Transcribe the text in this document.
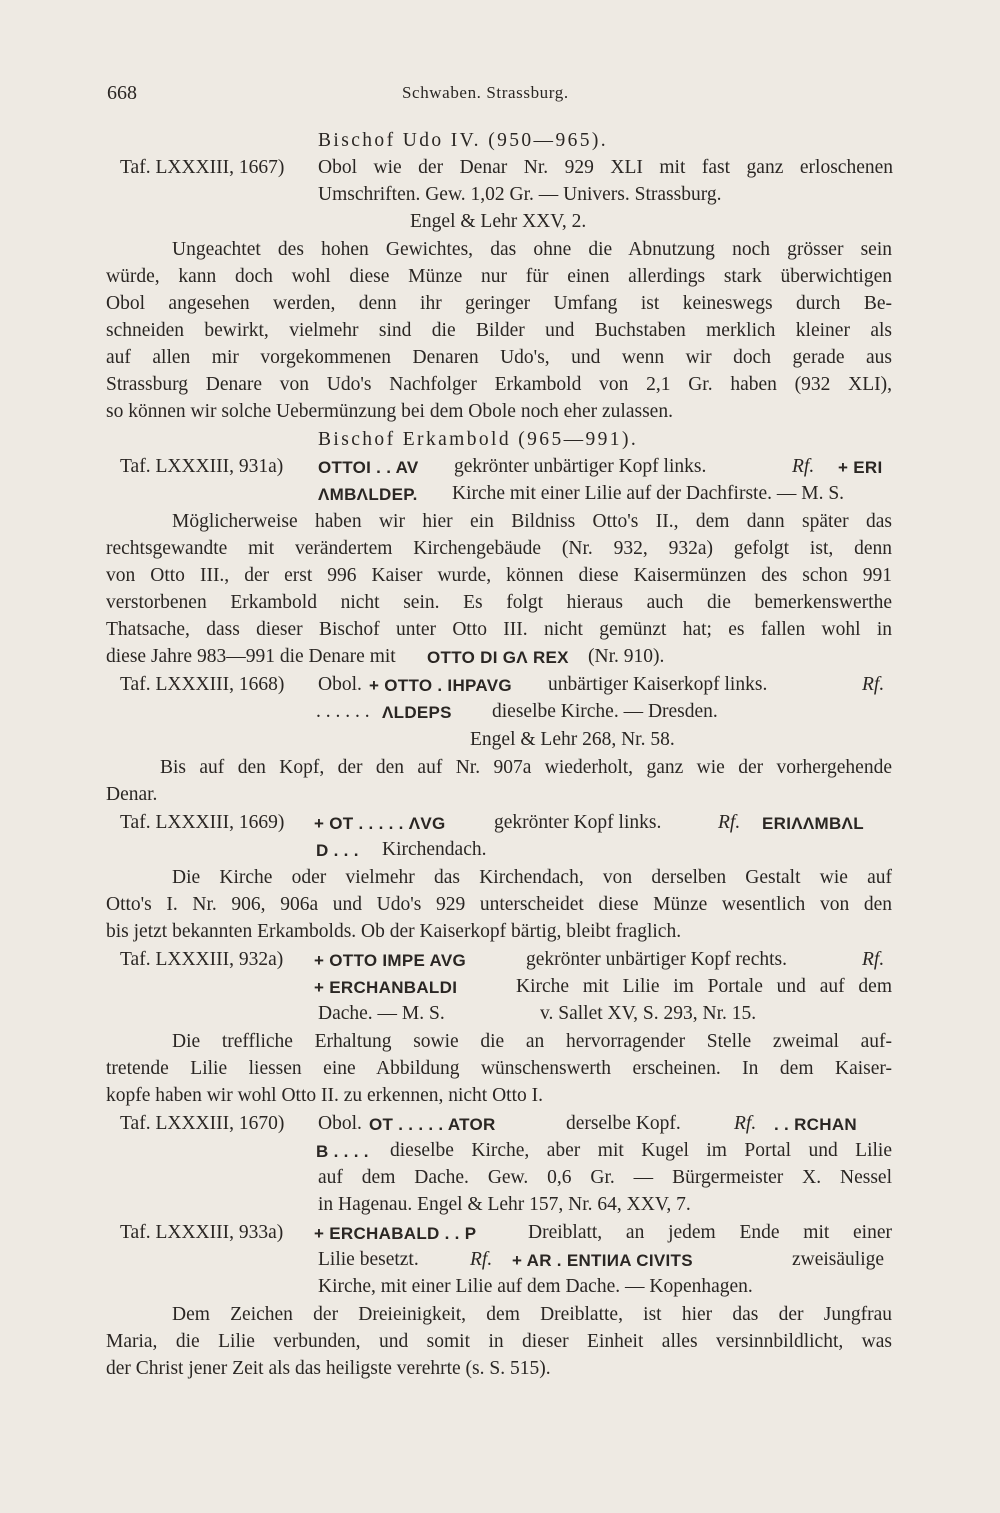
668	Schwaben. Strassburg.
Bischof Udo IV. (950—965).
Taf. LXXXIII, 1667) Obol wie der Denar Nr. 929 XLI mit fast ganz erloschenen
Umschriften. Gew. 1,02 Gr. — Univers. Strassburg.
Engel & Lehr XXV, 2.
Ungeachtet des hohen Gewichtes, das ohne die Abnutzung noch grösser sein
würde, kann doch wohl diese Münze nur für einen allerdings stark überwichtigen
Obol angesehen werden, denn ihr geringer Umfang ist keineswegs durch Be-
schneiden bewirkt, vielmehr sind die Bilder und Buchstaben merklich kleiner als
auf allen mir vorgekommenen Denaren Udo's, und wenn wir doch gerade aus
Strassburg Denare von Udo's Nachfolger Erkambold von 2,1 Gr. haben (932 XLI),
so können wir solche Uebermünzung bei dem Obole noch eher zulassen.
Bischof Erkambold (965—991).
Taf. LXXXIII, 931a) OTTOI . . AV gekrönter unbärtiger Kopf links.	Rf. + ERI
ΛMBΛLDEP. Kirche mit einer Lilie auf der Dachfirste. — M. S.
Möglicherweise haben wir hier ein Bildniss Otto's II., dem dann später das
rechtsgewandte mit verändertem Kirchengebäude (Nr. 932, 932a) gefolgt ist, denn
von Otto III., der erst 996 Kaiser wurde, können diese Kaisermünzen des schon 991
verstorbenen Erkambold nicht sein. Es folgt hieraus auch die bemerkenswerthe
Thatsache, dass dieser Bischof unter Otto III. nicht gemünzt hat; es fallen wohl in
diese Jahre 983—991 die Denare mit OTTO DI GΛ REX (Nr. 910).
Taf. LXXXIII, 1668) Obol. + OTTO . IHPAVG unbärtiger Kaiserkopf links.	Rf.
. . . . . . ΛLDEPS dieselbe Kirche. — Dresden.
Engel & Lehr 268, Nr. 58.
Bis auf den Kopf, der den auf Nr. 907a wiederholt, ganz wie der vorhergehende
Denar.
Taf. LXXXIII, 1669) + OT . . . . . ΛVG gekrönter Kopf links.	Rf. ERIΛΛMBΛL
D . . . Kirchendach.
Die Kirche oder vielmehr das Kirchendach, von derselben Gestalt wie auf
Otto's I. Nr. 906, 906a und Udo's 929 unterscheidet diese Münze wesentlich von den
bis jetzt bekannten Erkambolds. Ob der Kaiserkopf bärtig, bleibt fraglich.
Taf. LXXXIII, 932a) + OTTO IMPE AVG	gekrönter unbärtiger Kopf rechts.	Rf.
+ ERCHANBALDI	Kirche mit Lilie im Portale und auf dem
Dache. — M. S.	v. Sallet XV, S. 293, Nr. 15.
Die treffliche Erhaltung sowie die an hervorragender Stelle zweimal auf-
tretende Lilie liessen eine Abbildung wünschenswerth erscheinen. In dem Kaiser-
kopfe haben wir wohl Otto II. zu erkennen, nicht Otto I.
Taf. LXXXIII, 1670) Obol. OT . . . . . ATOR	derselbe Kopf.	Rf. . . RCHAN
B . . . . dieselbe Kirche, aber mit Kugel im Portal und Lilie
auf dem Dache. Gew. 0,6 Gr. — Bürgermeister X. Nessel
in Hagenau. Engel & Lehr 157, Nr. 64, XXV, 7.
Taf. LXXXIII, 933a) + ERCHABALD . . P	Dreiblatt, an jedem Ende mit einer
Lilie besetzt.	Rf. + AR . ENTIИA CIVITS	zweisäulige
Kirche, mit einer Lilie auf dem Dache. — Kopenhagen.
Dem Zeichen der Dreieinigkeit, dem Dreiblatte, ist hier das der Jungfrau
Maria, die Lilie verbunden, und somit in dieser Einheit alles versinnbildlicht, was
der Christ jener Zeit als das heiligste verehrte (s. S. 515).
